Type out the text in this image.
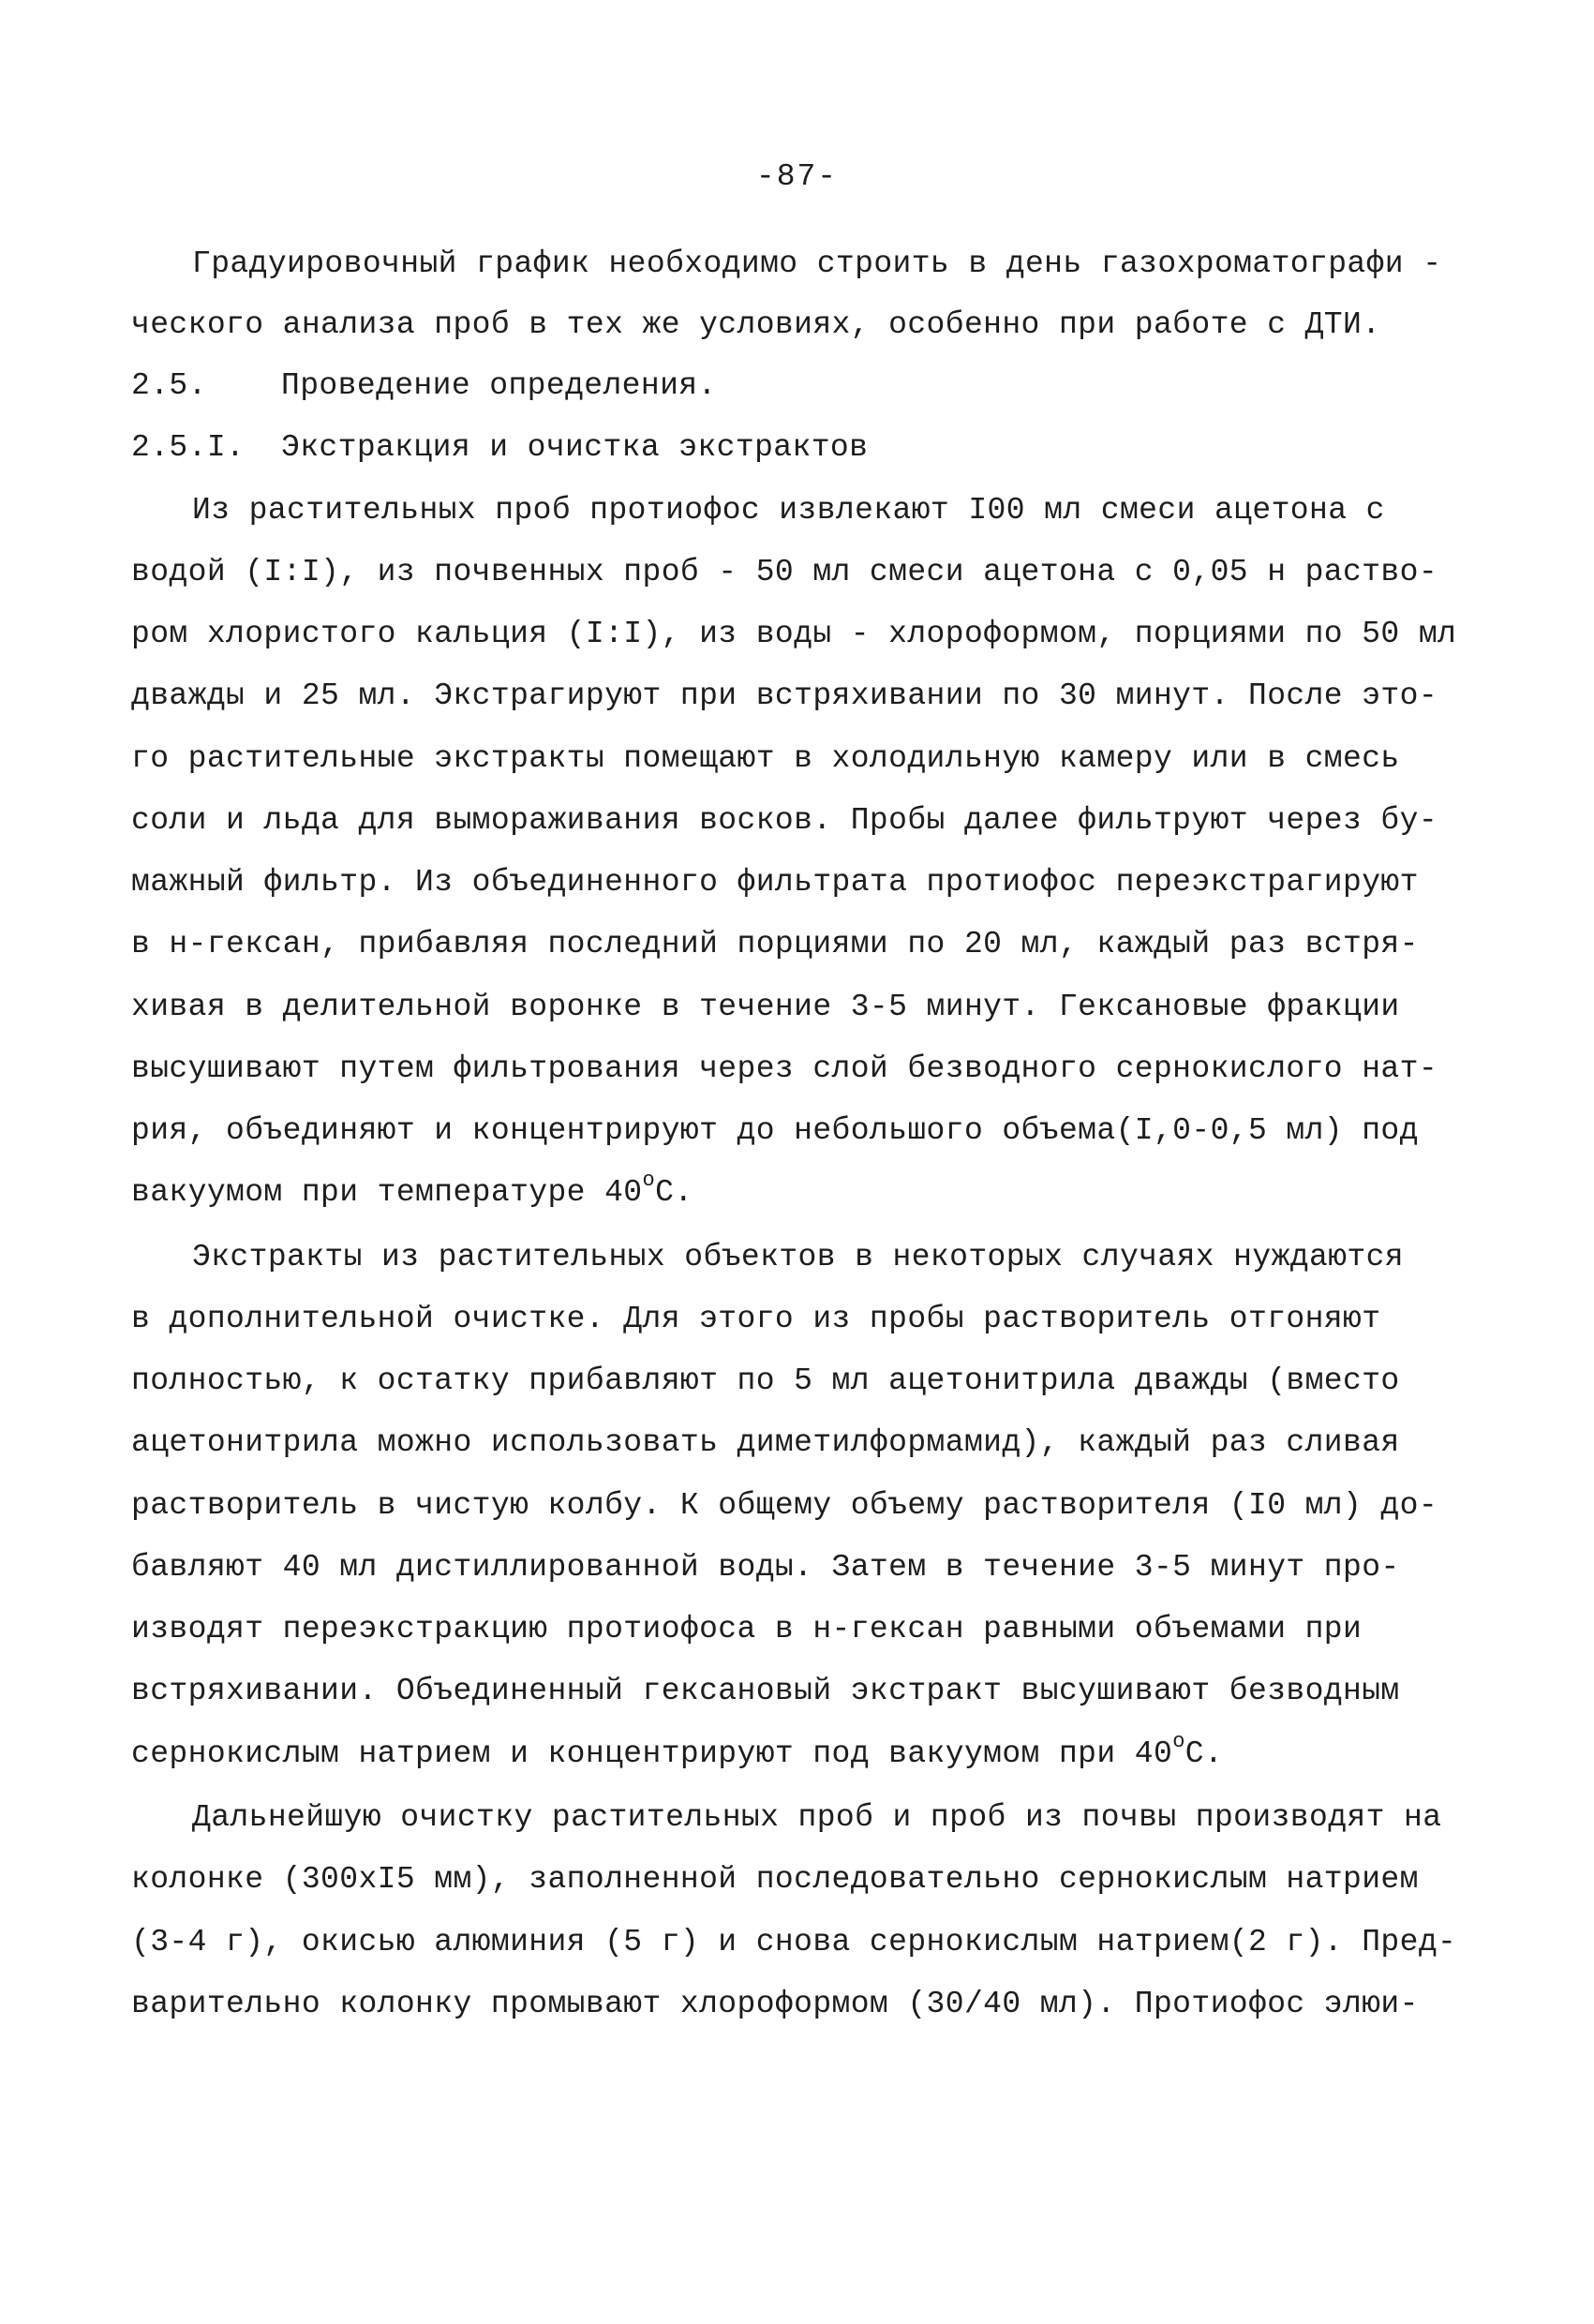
-87-
Градуировочный график необходимо строить в день газохроматографи -
ческого анализа проб в тех же условиях, особенно при работе с ДТИ.
2.5. Проведение определения.
2.5.I. Экстракция и очистка экстрактов
Из растительных проб протиофос извлекают I00 мл смеси ацетона с
водой (I:I), из почвенных проб - 50 мл смеси ацетона с 0,05 н раство-
ром хлористого кальция (I:I), из воды - хлороформом, порциями по 50 мл
дважды и 25 мл. Экстрагируют при встряхивании по 30 минут. После это-
го растительные экстракты помещают в холодильную камеру или в смесь
соли и льда для вымораживания восков. Пробы далее фильтруют через бу-
мажный фильтр. Из объединенного фильтрата протиофос переэкстрагируют
в н-гексан, прибавляя последний порциями по 20 мл, каждый раз встря-
хивая в делительной воронке в течение 3-5 минут. Гексановые фракции
высушивают путем фильтрования через слой безводного сернокислого нат-
рия, объединяют и концентрируют до небольшого объема(I,0-0,5 мл) под
вакуумом при температуре 40$^o$С.
Экстракты из растительных объектов в некоторых случаях нуждаются
в дополнительной очистке. Для этого из пробы растворитель отгоняют
полностью, к остатку прибавляют по 5 мл ацетонитрила дважды (вместо
ацетонитрила можно использовать диметилформамид), каждый раз сливая
растворитель в чистую колбу. К общему объему растворителя (I0 мл) до-
бавляют 40 мл дистиллированной воды. Затем в течение 3-5 минут про-
изводят переэкстракцию протиофоса в н-гексан равными объемами при
встряхивании. Объединенный гексановый экстракт высушивают безводным
сернокислым натрием и концентрируют под вакуумом при 40$^o$С.
Дальнейшую очистку растительных проб и проб из почвы производят на
колонке (300хI5 мм), заполненной последовательно сернокислым натрием
(3-4 г), окисью алюминия (5 г) и снова сернокислым натрием(2 г). Пред-
варительно колонку промывают хлороформом (30/40 мл). Протиофос элюи-
